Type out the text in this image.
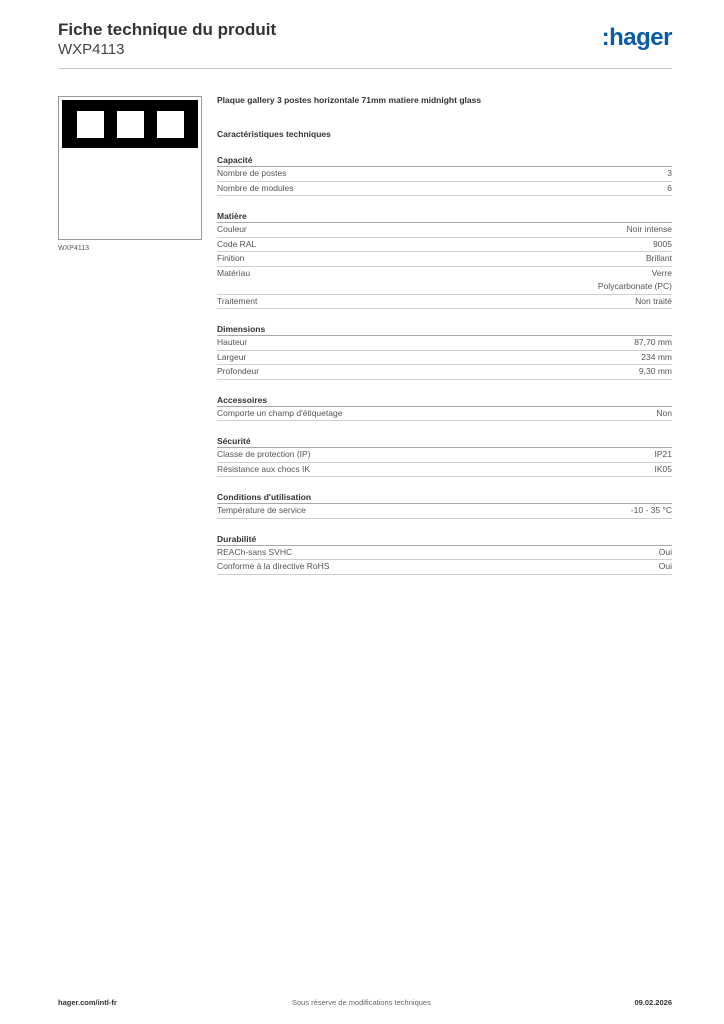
Fiche technique du produit
WXP4113	:hager
WXP4113
Plaque gallery 3 postes horizontale 71mm matiere midnight glass
Caractéristiques techniques
Capacité
Nombre de postes	3
Nombre de modules	6
Matière
Couleur	Noir intense
Code RAL	9005
Finition	Brillant
Matériau	Verre
Polycarbonate (PC)
Traitement	Non traité
Dimensions
Hauteur	87,70 mm
Largeur	234 mm
Profondeur	9,30 mm
Accessoires
Comporte un champ d'étiquetage	Non
Sécurité
Classe de protection (IP)	IP21
Résistance aux chocs IK	IK05
Conditions d'utilisation
Température de service	-10 - 35 °C
Durabilité
REACh-sans SVHC	Oui
Conforme à la directive RoHS	Oui
hager.com/intl-fr	Sous réserve de modifications techniques	09.02.2026
